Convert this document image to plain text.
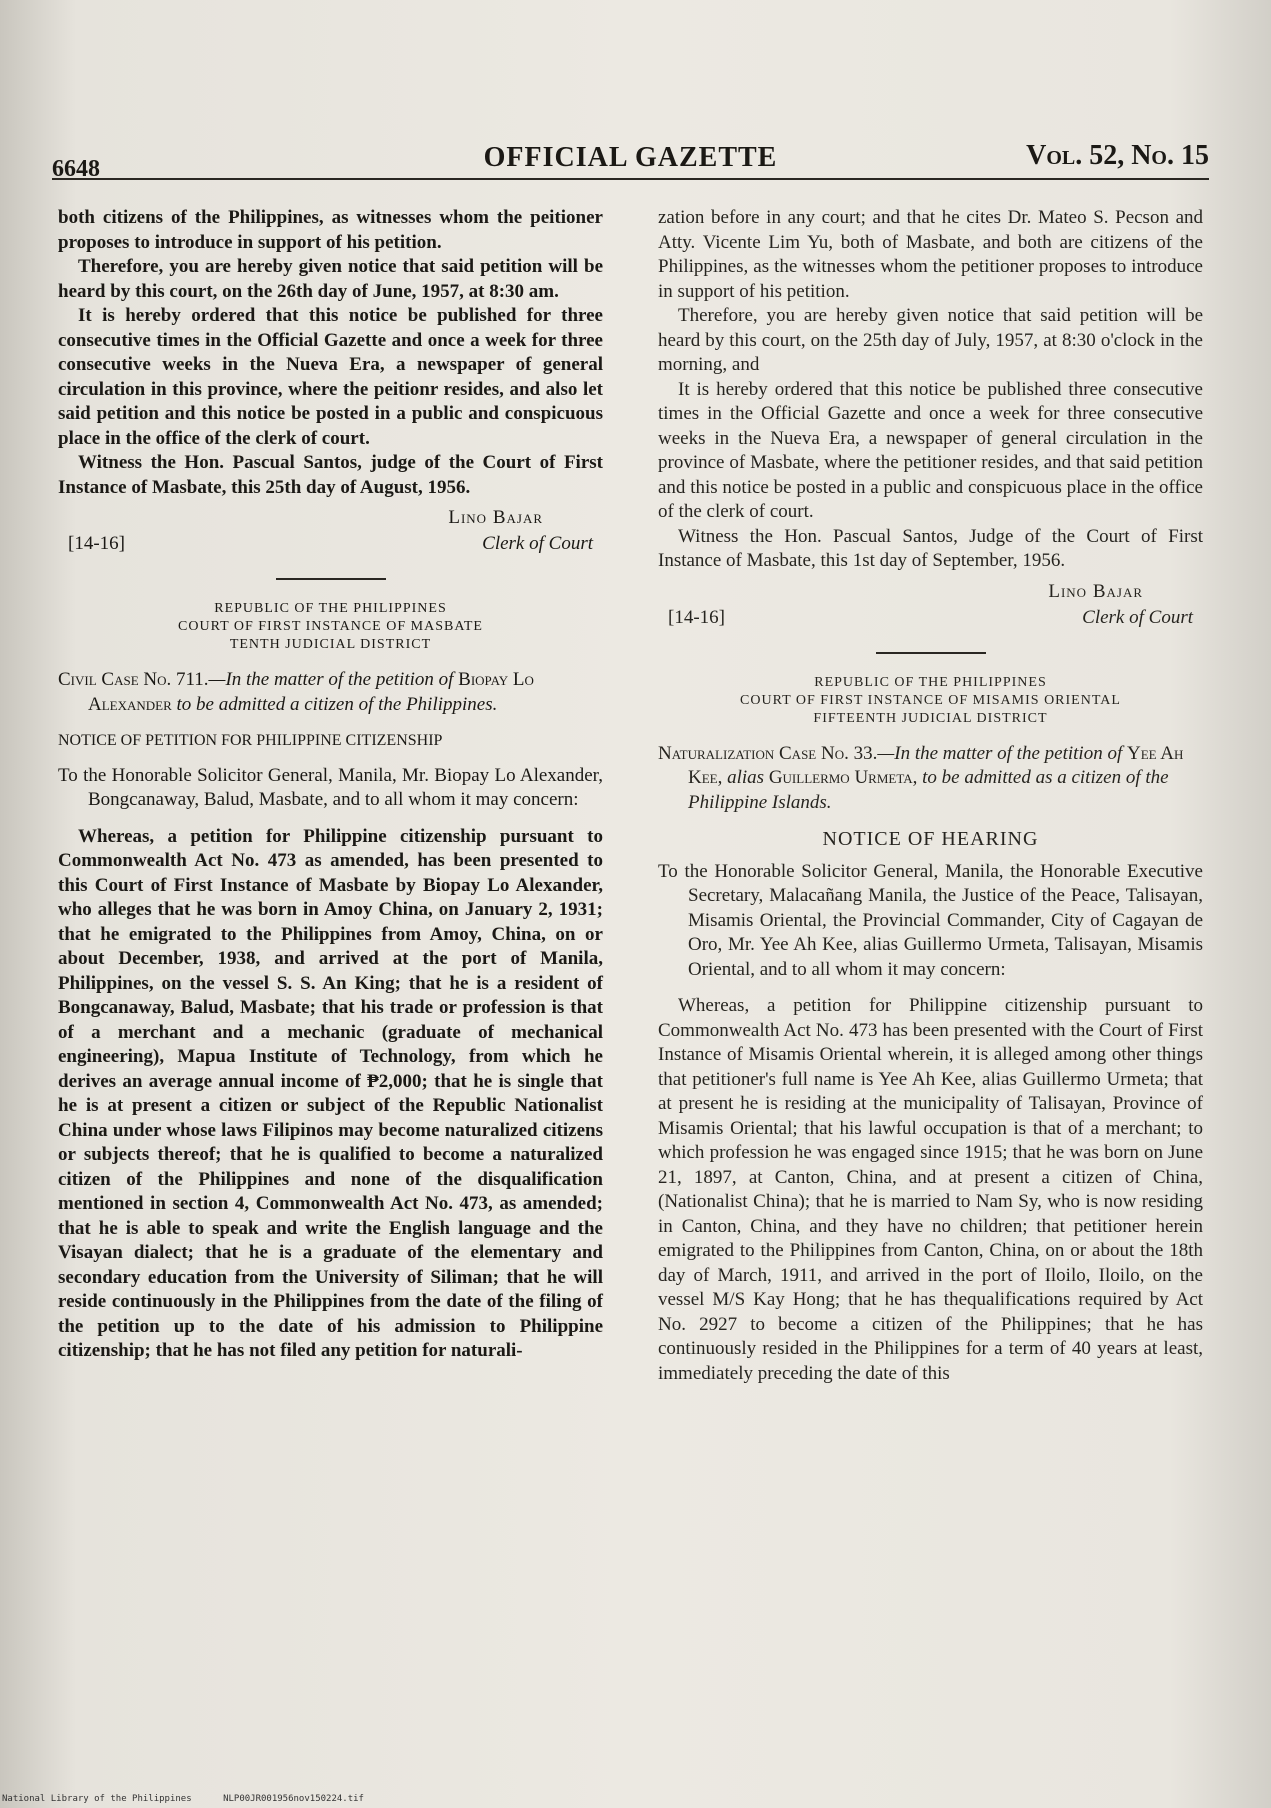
6648	OFFICIAL GAZETTE	Vol. 52, No. 15

both citizens of the Philippines, as witnesses whom the peitioner proposes to introduce in support of his petition.

Therefore, you are hereby given notice that said petition will be heard by this court, on the 26th day of June, 1957, at 8:30 am.

It is hereby ordered that this notice be published for three consecutive times in the Official Gazette and once a week for three consecutive weeks in the Nueva Era, a newspaper of general circulation in this province, where the peitionr resides, and also let said petition and this notice be posted in a public and conspicuous place in the office of the clerk of court.

Witness the Hon. Pascual Santos, judge of the Court of First Instance of Masbate, this 25th day of August, 1956.

Lino Bajar
[14-16]	Clerk of Court
REPUBLIC OF THE PHILIPPINES
COURT OF FIRST INSTANCE OF MASBATE
TENTH JUDICIAL DISTRICT
Civil Case No. 711.—In the matter of the petition of Biopay Lo Alexander to be admitted a citizen of the Philippines.
NOTICE OF PETITION FOR PHILIPPINE CITIZENSHIP
To the Honorable Solicitor General, Manila, Mr. Biopay Lo Alexander, Bongcanaway, Balud, Masbate, and to all whom it may concern:

Whereas, a petition for Philippine citizenship pursuant to Commonwealth Act No. 473 as amended, has been presented to this Court of First Instance of Masbate by Biopay Lo Alexander, who alleges that he was born in Amoy China, on January 2, 1931; that he emigrated to the Philippines from Amoy, China, on or about December, 1938, and arrived at the port of Manila, Philippines, on the vessel S. S. An King; that he is a resident of Bongcanaway, Balud, Masbate; that his trade or profession is that of a merchant and a mechanic (graduate of mechanical engineering), Mapua Institute of Technology, from which he derives an average annual income of ₱2,000; that he is single that he is at present a citizen or subject of the Republic Nationalist China under whose laws Filipinos may become naturalized citizens or subjects thereof; that he is qualified to become a naturalized citizen of the Philippines and none of the disqualification mentioned in section 4, Commonwealth Act No. 473, as amended; that he is able to speak and write the English language and the Visayan dialect; that he is a graduate of the elementary and secondary education from the University of Siliman; that he will reside continuously in the Philippines from the date of the filing of the petition up to the date of his admission to Philippine citizenship; that he has not filed any petition for naturali-

zation before in any court; and that he cites Dr. Mateo S. Pecson and Atty. Vicente Lim Yu, both of Masbate, and both are citizens of the Philippines, as the witnesses whom the petitioner proposes to introduce in support of his petition.

Therefore, you are hereby given notice that said petition will be heard by this court, on the 25th day of July, 1957, at 8:30 o'clock in the morning, and

It is hereby ordered that this notice be published three consecutive times in the Official Gazette and once a week for three consecutive weeks in the Nueva Era, a newspaper of general circulation in the province of Masbate, where the petitioner resides, and that said petition and this notice be posted in a public and conspicuous place in the office of the clerk of court.

Witness the Hon. Pascual Santos, Judge of the Court of First Instance of Masbate, this 1st day of September, 1956.

Lino Bajar
[14-16]	Clerk of Court
REPUBLIC OF THE PHILIPPINES
COURT OF FIRST INSTANCE OF MISAMIS ORIENTAL
FIFTEENTH JUDICIAL DISTRICT
Naturalization Case No. 33.—In the matter of the petition of Yee Ah Kee, alias Guillermo Urmeta, to be admitted as a citizen of the Philippine Islands.
NOTICE OF HEARING
To the Honorable Solicitor General, Manila, the Honorable Executive Secretary, Malacañang Manila, the Justice of the Peace, Talisayan, Misamis Oriental, the Provincial Commander, City of Cagayan de Oro, Mr. Yee Ah Kee, alias Guillermo Urmeta, Talisayan, Misamis Oriental, and to all whom it may concern:

Whereas, a petition for Philippine citizenship pursuant to Commonwealth Act No. 473 has been presented with the Court of First Instance of Misamis Oriental wherein, it is alleged among other things that petitioner's full name is Yee Ah Kee, alias Guillermo Urmeta; that at present he is residing at the municipality of Talisayan, Province of Misamis Oriental; that his lawful occupation is that of a merchant; to which profession he was engaged since 1915; that he was born on June 21, 1897, at Canton, China, and at present a citizen of China, (Nationalist China); that he is married to Nam Sy, who is now residing in Canton, China, and they have no children; that petitioner herein emigrated to the Philippines from Canton, China, on or about the 18th day of March, 1911, and arrived in the port of Iloilo, Iloilo, on the vessel M/S Kay Hong; that he has thequalifications required by Act No. 2927 to become a citizen of the Philippines; that he has continuously resided in the Philippines for a term of 40 years at least, immediately preceding the date of this

National Library of the Philippines	NLP00JR001956nov150224.tif
